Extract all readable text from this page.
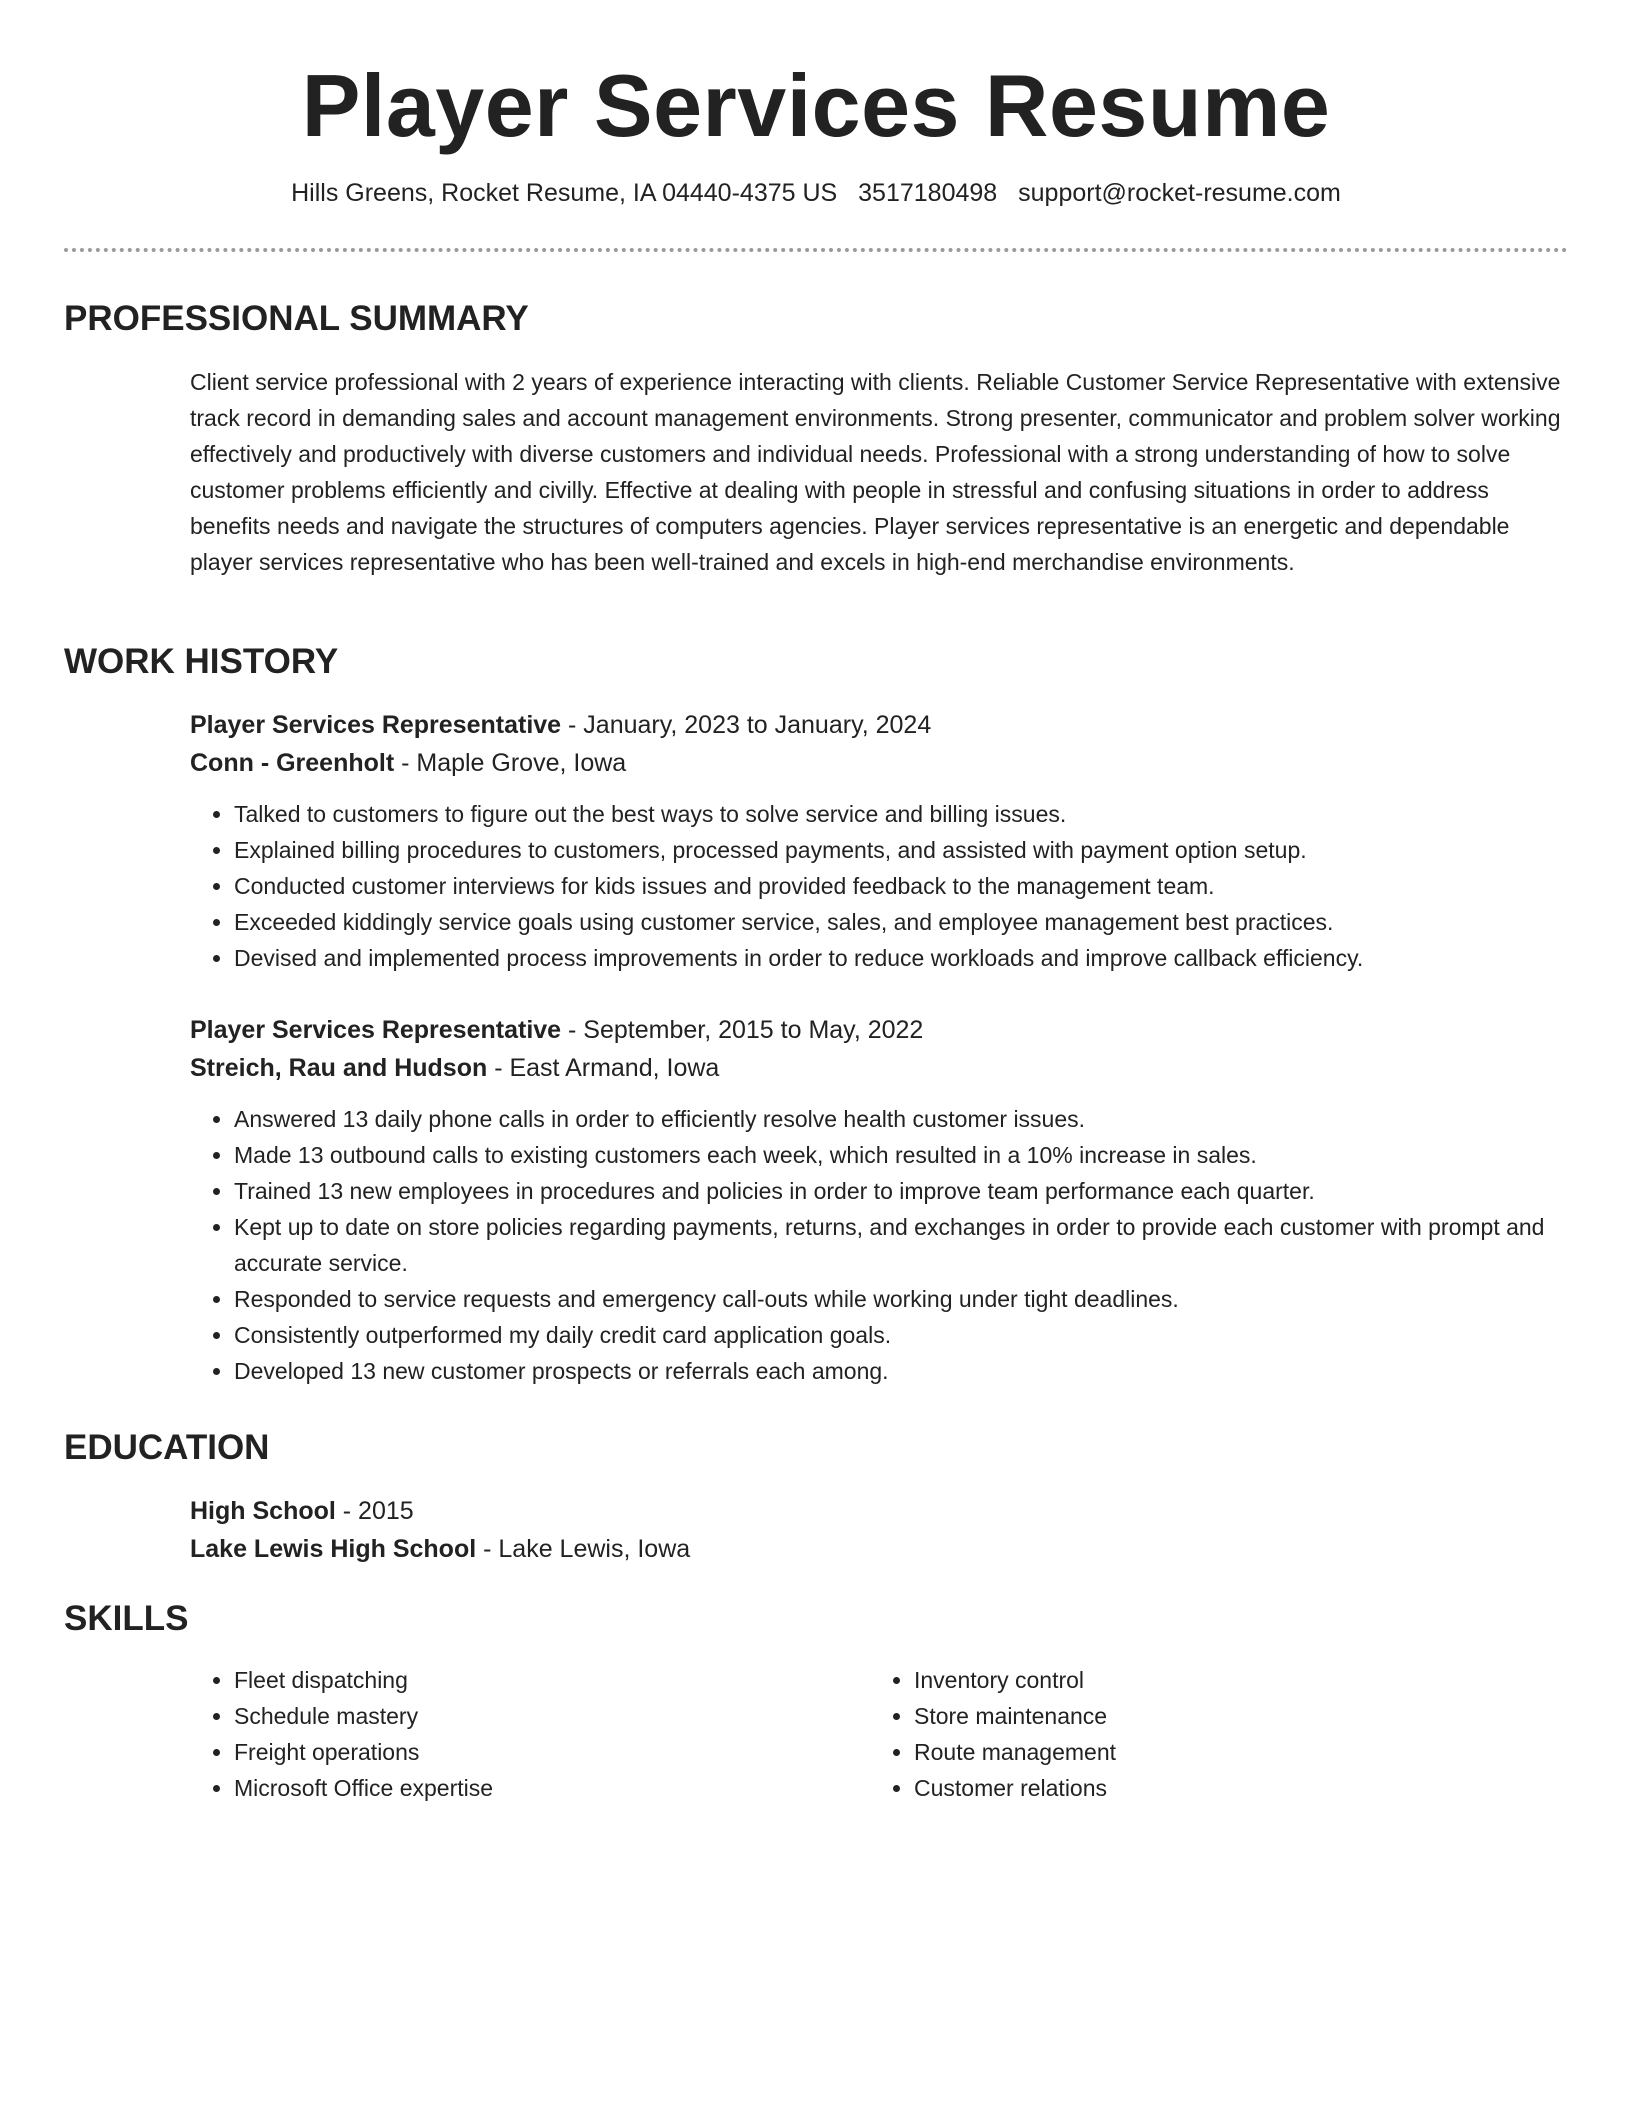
Player Services Resume
Hills Greens, Rocket Resume, IA 04440-4375 US 3517180498 support@rocket-resume.com
PROFESSIONAL SUMMARY

Client service professional with 2 years of experience interacting with clients. Reliable Customer Service Representative with extensive track record in demanding sales and account management environments. Strong presenter, communicator and problem solver working effectively and productively with diverse customers and individual needs. Professional with a strong understanding of how to solve customer problems efficiently and civilly. Effective at dealing with people in stressful and confusing situations in order to address benefits needs and navigate the structures of computers agencies. Player services representative is an energetic and dependable player services representative who has been well-trained and excels in high-end merchandise environments.

WORK HISTORY

Player Services Representative - January, 2023 to January, 2024

Conn - Greenholt - Maple Grove, Iowa

• Talked to customers to figure out the best ways to solve service and billing issues.
• Explained billing procedures to customers, processed payments, and assisted with payment option setup.
• Conducted customer interviews for kids issues and provided feedback to the management team.
• Exceeded kiddingly service goals using customer service, sales, and employee management best practices.
• Devised and implemented process improvements in order to reduce workloads and improve callback efficiency.

Player Services Representative - September, 2015 to May, 2022

Streich, Rau and Hudson - East Armand, Iowa

• Answered 13 daily phone calls in order to efficiently resolve health customer issues.
• Made 13 outbound calls to existing customers each week, which resulted in a 10% increase in sales.
• Trained 13 new employees in procedures and policies in order to improve team performance each quarter.
• Kept up to date on store policies regarding payments, returns, and exchanges in order to provide each customer with prompt and accurate service.
• Responded to service requests and emergency call-outs while working under tight deadlines.
• Consistently outperformed my daily credit card application goals.
• Developed 13 new customer prospects or referrals each among.
EDUCATION

High School - 2015

Lake Lewis High School - Lake Lewis, Iowa

SKILLS
• Fleet dispatching
• Schedule mastery
• Freight operations
• Microsoft Office expertise
• Inventory control
• Store maintenance
• Route management
• Customer relations
